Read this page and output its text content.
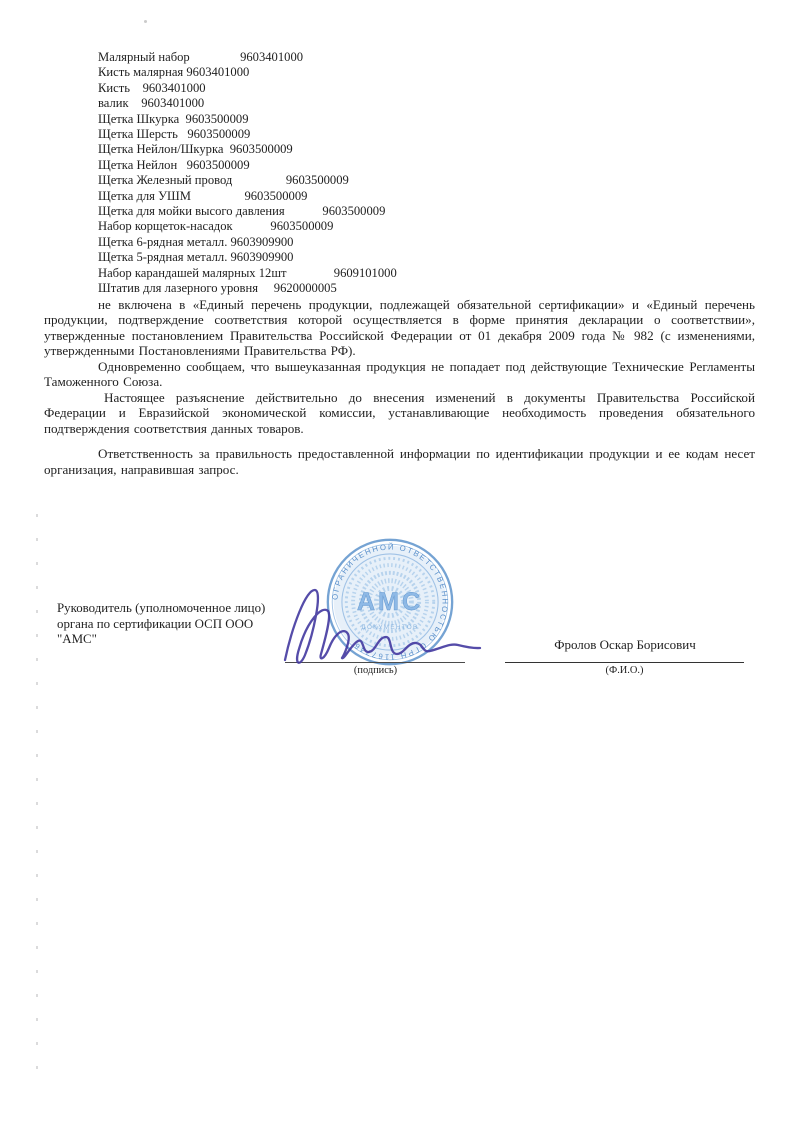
Малярный набор                9603401000
Кисть малярная 9603401000
Кисть    9603401000
валик    9603401000
Щетка Шкурка  9603500009
Щетка Шерсть   9603500009
Щетка Нейлон/Шкурка  9603500009
Щетка Нейлон   9603500009
Щетка Железный провод                 9603500009
Щетка для УШМ                 9603500009
Щетка для мойки высого давления            9603500009
Набор корщеток-насадок            9603500009
Щетка 6-рядная металл. 9603909900
Щетка 5-рядная металл. 9603909900
Набор карандашей малярных 12шт               9609101000
Штатив для лазерного уровня     9620000005

не включена в «Единый перечень продукции, подлежащей обязательной сертификации» и «Единый перечень продукции, подтверждение соответствия которой осуществляется в форме принятия декларации о соответствии», утвержденные постановлением Правительства Российской Федерации от 01 декабря 2009 года № 982 (с изменениями, утвержденными Постановлениями Правительства РФ).

Одновременно сообщаем, что вышеуказанная продукция не попадает под действующие Технические Регламенты Таможенного Союза.

Настоящее разъяснение действительно до внесения изменений в документы Правительства Российской Федерации и Евразийской экономической комиссии, устанавливающие необходимость проведения обязательного подтверждения соответствия данных товаров.

Ответственность за правильность предоставленной информации по идентификации продукции и ее кодам несет организация, направившая запрос.

Руководитель (уполномоченное лицо)
органа по сертификации ОСП ООО
"АМС"
ОГРАНИЧЕННОЙ ОТВЕТСТВЕННОСТЬЮ ОГРН 1167746
АМС
ДОКУМЕНТОВ
(подпись)
Фролов Оскар Борисович
(Ф.И.О.)
